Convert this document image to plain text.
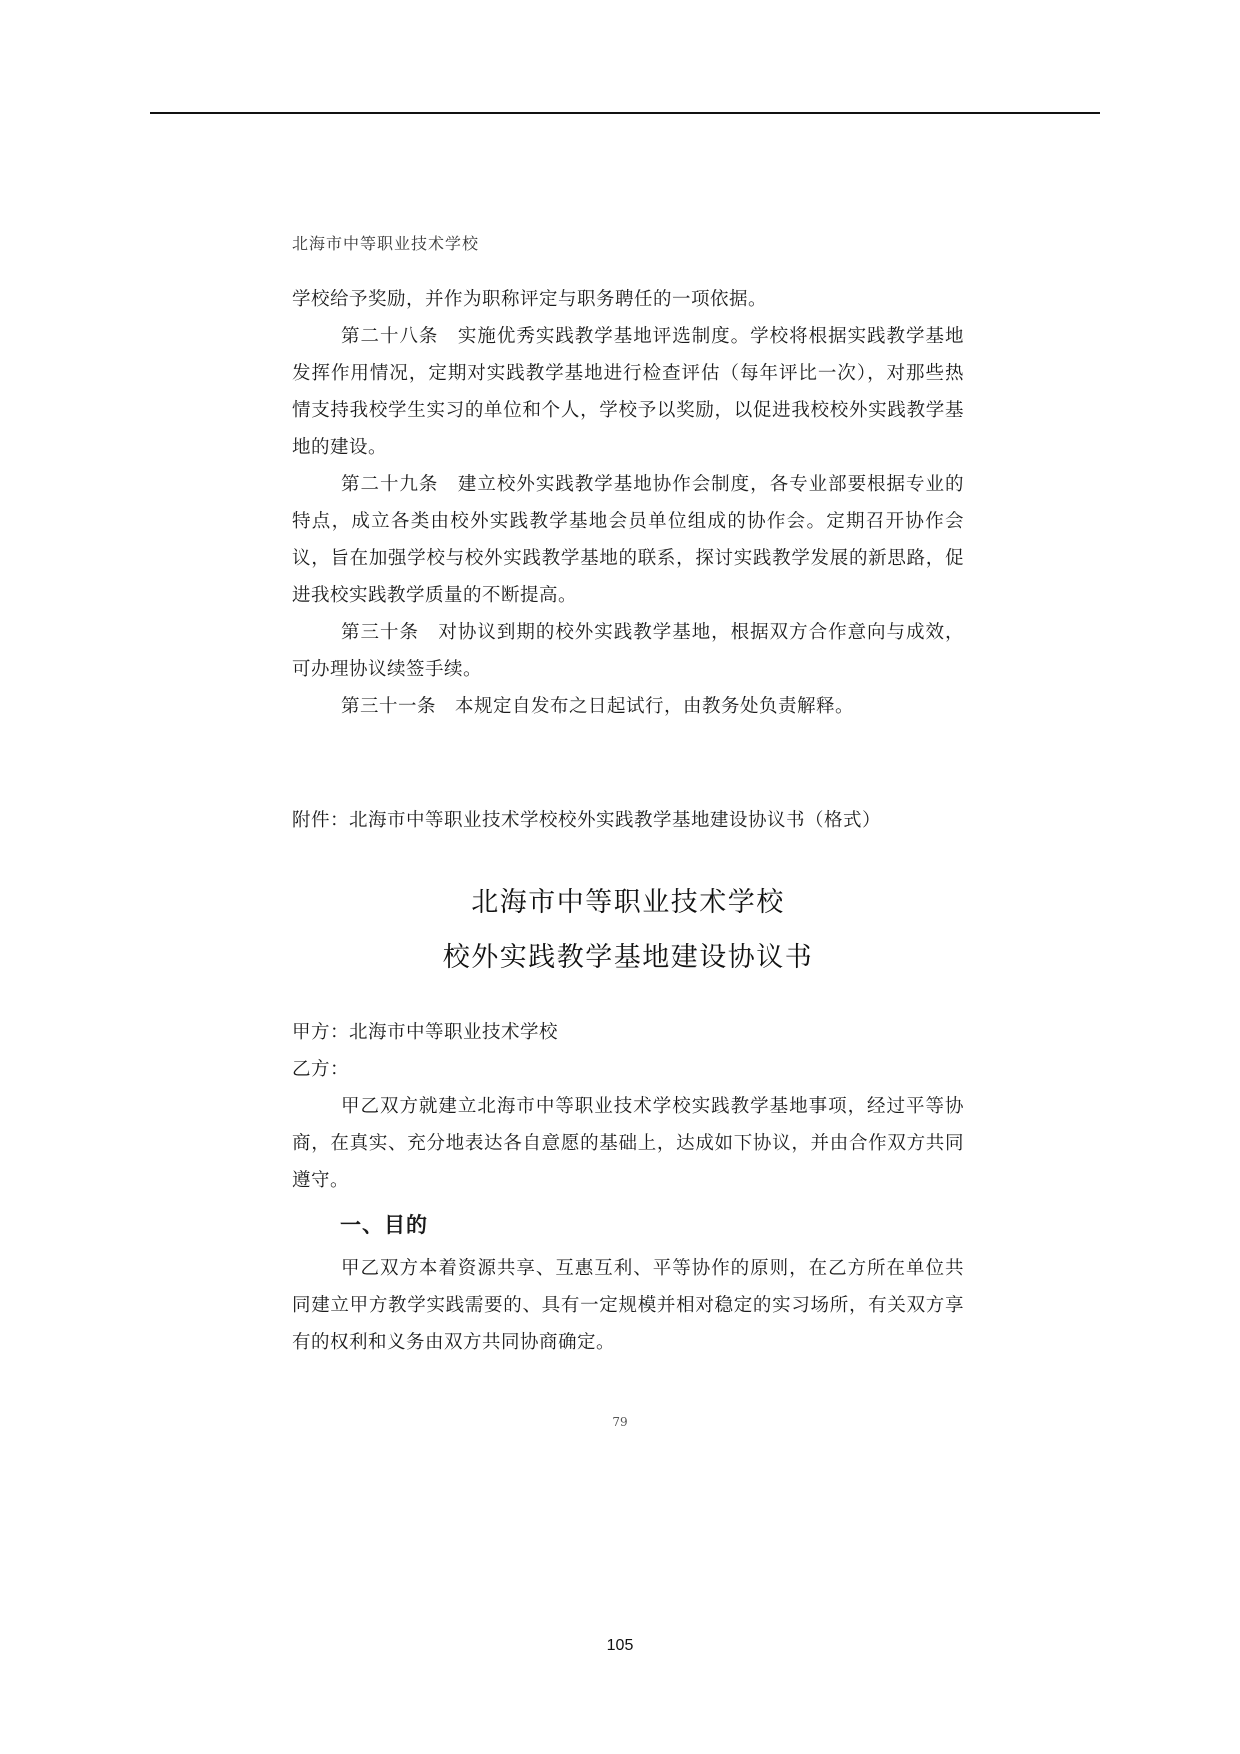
北海市中等职业技术学校

学校给予奖励，并作为职称评定与职务聘任的一项依据。

第二十八条　实施优秀实践教学基地评选制度。学校将根据实践教学基地发挥作用情况，定期对实践教学基地进行检查评估（每年评比一次），对那些热情支持我校学生实习的单位和个人，学校予以奖励，以促进我校校外实践教学基地的建设。

第二十九条　建立校外实践教学基地协作会制度，各专业部要根据专业的特点，成立各类由校外实践教学基地会员单位组成的协作会。定期召开协作会议，旨在加强学校与校外实践教学基地的联系，探讨实践教学发展的新思路，促进我校实践教学质量的不断提高。

第三十条　对协议到期的校外实践教学基地，根据双方合作意向与成效，可办理协议续签手续。

第三十一条　本规定自发布之日起试行，由教务处负责解释。

附件：北海市中等职业技术学校校外实践教学基地建设协议书（格式）
北海市中等职业技术学校
校外实践教学基地建设协议书

甲方：北海市中等职业技术学校

乙方：

甲乙双方就建立北海市中等职业技术学校实践教学基地事项，经过平等协商，在真实、充分地表达各自意愿的基础上，达成如下协议，并由合作双方共同遵守。

一、目的

甲乙双方本着资源共享、互惠互利、平等协作的原则，在乙方所在单位共同建立甲方教学实践需要的、具有一定规模并相对稳定的实习场所，有关双方享有的权利和义务由双方共同协商确定。

79
105
